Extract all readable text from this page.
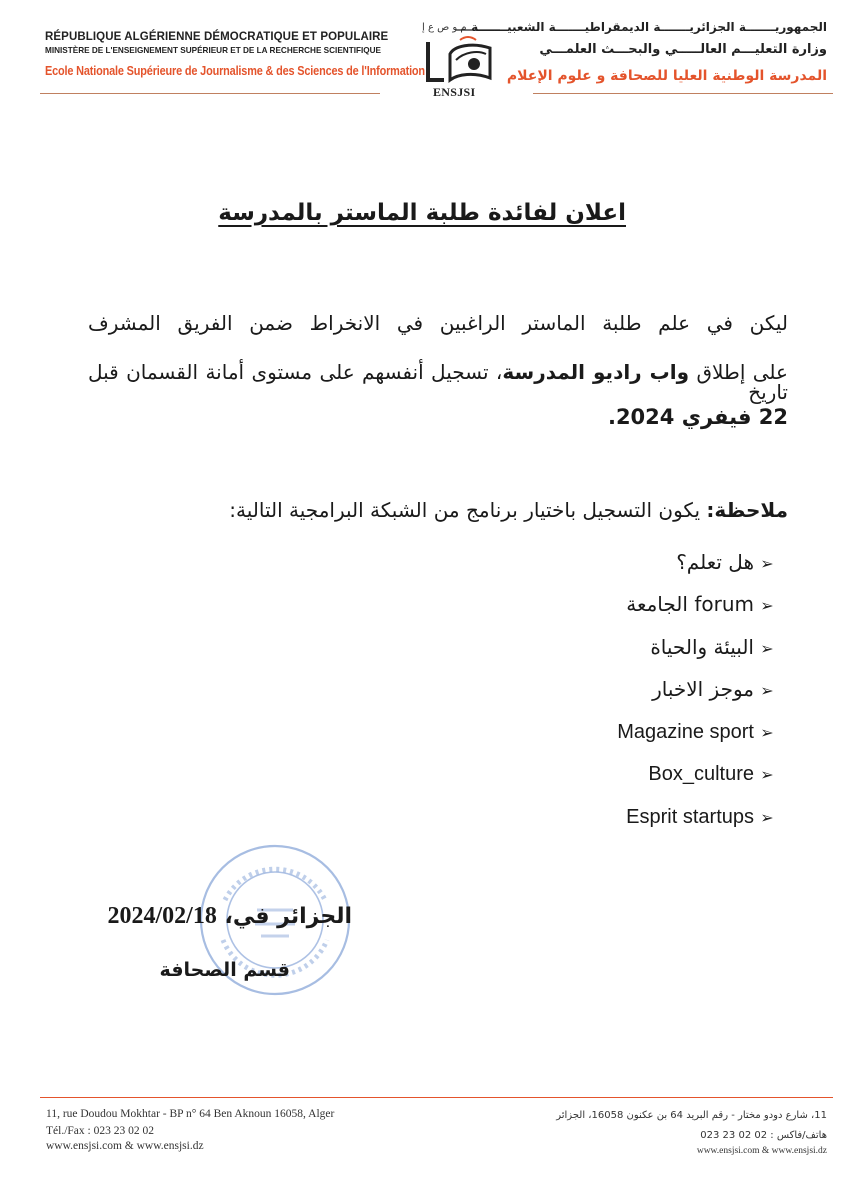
RÉPUBLIQUE ALGÉRIENNE DÉMOCRATIQUE ET POPULAIRE
MINISTÈRE DE L'ENSEIGNEMENT SUPÉRIEUR ET DE LA RECHERCHE SCIENTIFIQUE
Ecole Nationale Supérieure de Journalisme & des Sciences de l'Information
الجمهوريـــــــة الجزائريـــــــة الديمقراطيـــــــة الشعبيـــــــة
وزارة التعليـــم العالـــــي والبحـــث العلمـــي
المدرسة الوطنية العليا للصحافة و علوم الإعلام
م و ص ع إ
ENSJSI
اعلان لفائدة طلبة الماستر بالمدرسة
ليكن في علم طلبة الماستر الراغبين في الانخراط ضمن الفريق المشرف
على إطلاق واب راديو المدرسة، تسجيل أنفسهم على مستوى أمانة القسمان قبل تاريخ
22 فيفري 2024.
ملاحظة: يكون التسجيل باختيار برنامج من الشبكة البرامجية التالية:
➢هل تعلم؟
➢forum الجامعة
➢البيئة والحياة
➢موجز الاخبار
➢Magazine sport
➢Box_culture
➢Esprit startups
الجزائر في، 2024/02/18
قسم الصحافة
11, rue Doudou Mokhtar - BP n° 64 Ben Aknoun 16058, Alger
Tél./Fax : 023 23 02 02
www.ensjsi.com & www.ensjsi.dz
11، شارع دودو مختار - رقم البريد 64 بن عكنون 16058، الجزائر
هاتف/فاكس : 02 02 23 023
www.ensjsi.com & www.ensjsi.dz
